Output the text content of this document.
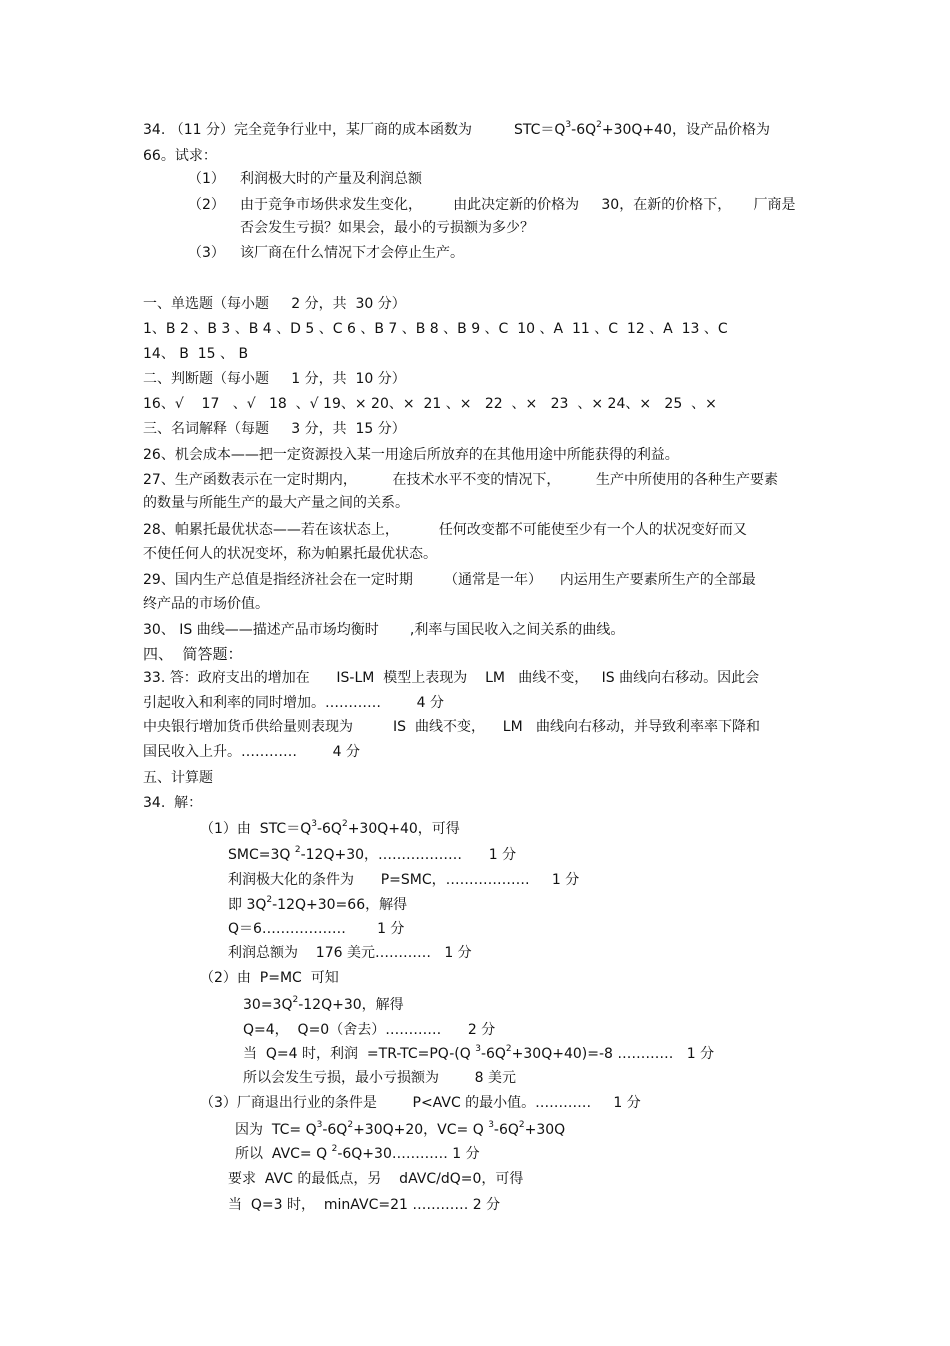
34. （11 分）完全竞争行业中，某厂商的成本函数为	$STC=Q^3-6Q^2+30Q+40$，设产品价格为
66。试求：
（1） 利润极大时的产量及利润总额
（2） 由于竞争市场供求发生变化，       由此决定新的价格为     30，在新的价格下，     厂商是
否会发生亏损？如果会，最小的亏损额为多少？
（3） 该厂商在什么情况下才会停止生产。
一、单选题（每小题     2 分，共  30 分）
1、B 2 、B 3 、B 4 、D 5 、C 6 、B 7 、B 8 、B 9 、C  10 、A  11 、C  12 、A  13 、C
14、 B  15 、 B
二、判断题（每小题     1 分，共  10 分）
16、√    17   、√   18  、√ 19、× 20、×  21 、×   22  、×   23  、× 24、×   25  、×
三、名词解释（每题     3 分，共  15 分）
26、机会成本——把一定资源投入某一用途后所放弃的在其他用途中所能获得的利益。
27、生产函数表示在一定时期内，        在技术水平不变的情况下，        生产中所使用的各种生产要素
的数量与所能生产的最大产量之间的关系。
28、帕累托最优状态——若在该状态上，         任何改变都不可能使至少有一个人的状况变好而又
不使任何人的状况变坏，称为帕累托最优状态。
29、国内生产总值是指经济社会在一定时期       （通常是一年）    内运用生产要素所生产的全部最
终产品的市场价值。
30、 IS 曲线——描述产品市场均衡时       ,利率与国民收入之间关系的曲线。
四、  简答题：
33. 答：政府支出的增加在      IS-LM  模型上表现为    LM   曲线不变，   IS 曲线向右移动。因此会
引起收入和利率的同时增加。…………        4 分
中央银行增加货币供给量则表现为         IS  曲线不变，    LM   曲线向右移动，并导致利率率下降和
国民收入上升。…………        4 分
五、计算题
34.  解：
（1）由  $STC=Q^3-6Q^2+30Q+40$，可得
SMC=3Q $^2$-12Q+30，………………      1 分
利润极大化的条件为      P=SMC，………………     1 分
即 $3Q^2-12Q+30=66$，解得
Q＝6………………       1 分
利润总额为    176 美元…………   1 分
（2）由  P=MC  可知
$30=3Q^2-12Q+30$，解得
Q=4，  Q=0（舍去）…………      2 分
当  Q=4 时，利润  =TR-TC=PQ-(Q $^3-6Q^2+30Q+40)=-8$ …………   1 分
所以会发生亏损，最小亏损额为        8 美元
（3）厂商退出行业的条件是        P<AVC 的最小值。…………     1 分
因为  $TC= Q^3-6Q^2+30Q+20$，VC= Q $^3-6Q^2+30Q$
所以  AVC= Q $^2$-6Q+30………… 1 分
要求  AVC 的最低点，另    dAVC/dQ=0，可得
当  Q=3 时，  minAVC=21 ………… 2 分
